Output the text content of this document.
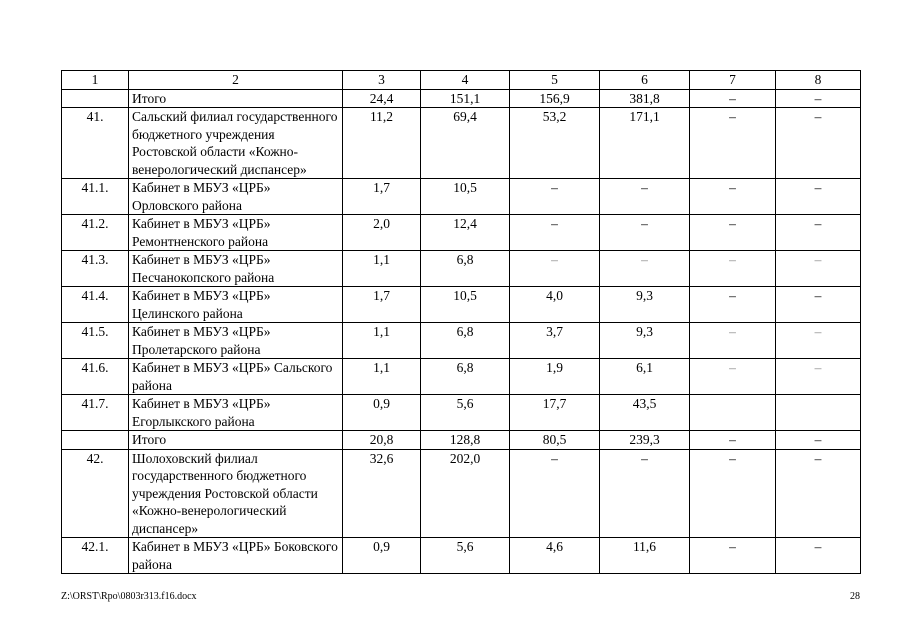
1	2	3	4	5	6	7	8
	Итого	24,4	151,1	156,9	381,8	–	–
41.	Сальский филиал государственного бюджетного учреждения Ростовской области «Кожно-венерологический диспансер»	11,2	69,4	53,2	171,1	–	–
41.1.	Кабинет в МБУЗ «ЦРБ» Орловского района	1,7	10,5	–	–	–	–
41.2.	Кабинет в МБУЗ «ЦРБ» Ремонтненского района	2,0	12,4	–	–	–	–
41.3.	Кабинет в МБУЗ «ЦРБ» Песчанокопского района	1,1	6,8	–	–	–	–
41.4.	Кабинет в МБУЗ «ЦРБ» Целинского района	1,7	10,5	4,0	9,3	–	–
41.5.	Кабинет в МБУЗ «ЦРБ» Пролетарского района	1,1	6,8	3,7	9,3	–	–
41.6.	Кабинет в МБУЗ «ЦРБ» Сальского района	1,1	6,8	1,9	6,1	–	–
41.7.	Кабинет в МБУЗ «ЦРБ» Егорлыкского района	0,9	5,6	17,7	43,5		
	Итого	20,8	128,8	80,5	239,3	–	–
42.	Шолоховский филиал государственного бюджетного учреждения Ростовской области «Кожно-венерологический диспансер»	32,6	202,0	–	–	–	–
42.1.	Кабинет в МБУЗ «ЦРБ» Боковского района	0,9	5,6	4,6	11,6	–	–
Z:\ORST\Rpo\0803r313.f16.docx	28
